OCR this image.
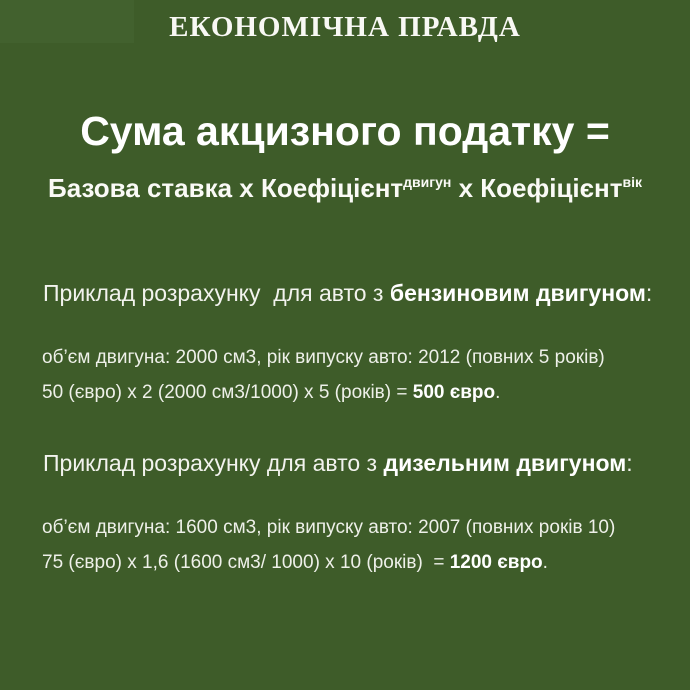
ЕКОНОМІЧНА ПРАВДА
Сума акцизного податку =
Базова ставка х Коефіцієнтдвигун х Коефіцієнтвік
Приклад розрахунку  для авто з бензиновим двигуном:
об’єм двигуна: 2000 см3, рік випуску авто: 2012 (повних 5 років)
50 (євро) х 2 (2000 см3/1000) х 5 (років) = 500 євро.
Приклад розрахунку для авто з дизельним двигуном:
об’єм двигуна: 1600 см3, рік випуску авто: 2007 (повних років 10)
75 (євро) х 1,6 (1600 см3/ 1000) х 10 (років)  = 1200 євро.
